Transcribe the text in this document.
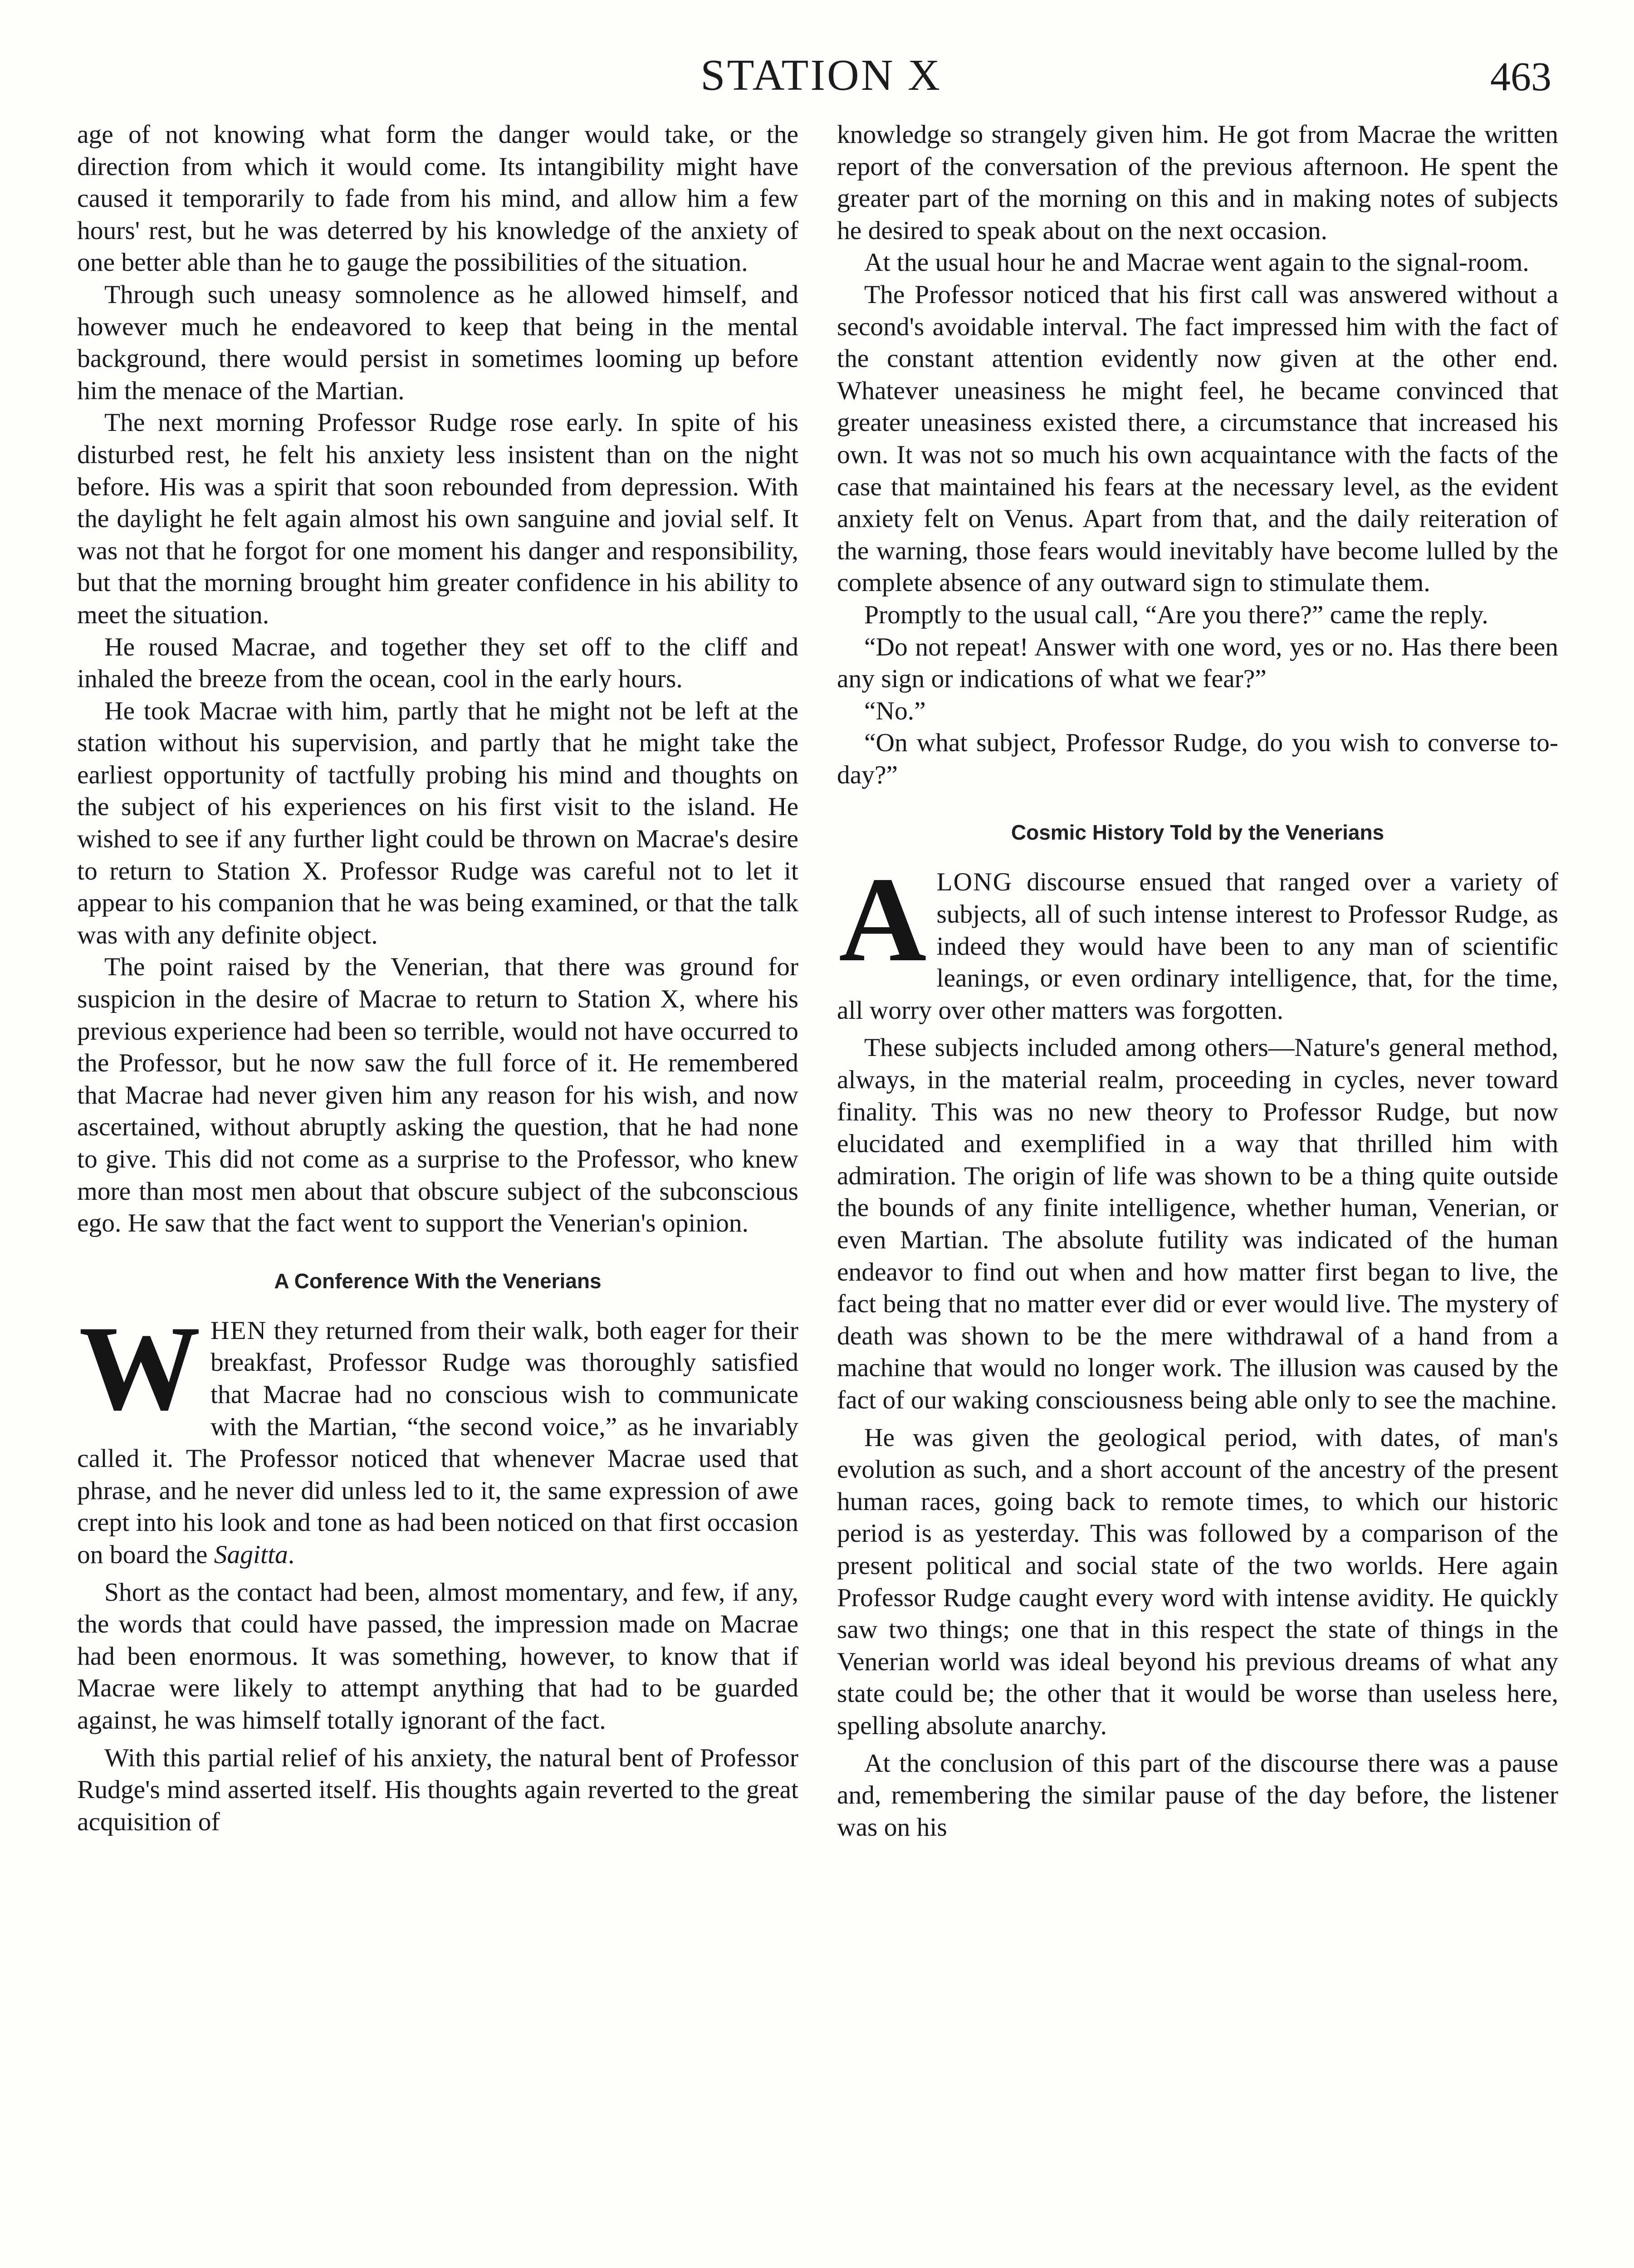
STATION X	463

age of not knowing what form the danger would take, or the direction from which it would come. Its intangibility might have caused it temporarily to fade from his mind, and allow him a few hours' rest, but he was deterred by his knowledge of the anxiety of one better able than he to gauge the possibilities of the situation.

Through such uneasy somnolence as he allowed himself, and however much he endeavored to keep that being in the mental background, there would persist in sometimes looming up before him the menace of the Martian.

The next morning Professor Rudge rose early. In spite of his disturbed rest, he felt his anxiety less insistent than on the night before. His was a spirit that soon rebounded from depression. With the daylight he felt again almost his own sanguine and jovial self. It was not that he forgot for one moment his danger and responsibility, but that the morning brought him greater confidence in his ability to meet the situation.

He roused Macrae, and together they set off to the cliff and inhaled the breeze from the ocean, cool in the early hours.

He took Macrae with him, partly that he might not be left at the station without his supervision, and partly that he might take the earliest opportunity of tactfully probing his mind and thoughts on the subject of his experiences on his first visit to the island. He wished to see if any further light could be thrown on Macrae's desire to return to Station X. Professor Rudge was careful not to let it appear to his companion that he was being examined, or that the talk was with any definite object.

The point raised by the Venerian, that there was ground for suspicion in the desire of Macrae to return to Station X, where his previous experience had been so terrible, would not have occurred to the Professor, but he now saw the full force of it. He remembered that Macrae had never given him any reason for his wish, and now ascertained, without abruptly asking the question, that he had none to give. This did not come as a surprise to the Professor, who knew more than most men about that obscure subject of the subconscious ego. He saw that the fact went to support the Venerian's opinion.

A Conference With the Venerians

WHEN they returned from their walk, both eager for their breakfast, Professor Rudge was thoroughly satisfied that Macrae had no conscious wish to communicate with the Martian, “the second voice,” as he invariably called it. The Professor noticed that whenever Macrae used that phrase, and he never did unless led to it, the same expression of awe crept into his look and tone as had been noticed on that first occasion on board the Sagitta.

Short as the contact had been, almost momentary, and few, if any, the words that could have passed, the impression made on Macrae had been enormous. It was something, however, to know that if Macrae were likely to attempt anything that had to be guarded against, he was himself totally ignorant of the fact.

With this partial relief of his anxiety, the natural bent of Professor Rudge's mind asserted itself. His thoughts again reverted to the great acquisition of

knowledge so strangely given him. He got from Macrae the written report of the conversation of the previous afternoon. He spent the greater part of the morning on this and in making notes of subjects he desired to speak about on the next occasion.

At the usual hour he and Macrae went again to the signal-room.

The Professor noticed that his first call was answered without a second's avoidable interval. The fact impressed him with the fact of the constant attention evidently now given at the other end. Whatever uneasiness he might feel, he became convinced that greater uneasiness existed there, a circumstance that increased his own. It was not so much his own acquaintance with the facts of the case that maintained his fears at the necessary level, as the evident anxiety felt on Venus. Apart from that, and the daily reiteration of the warning, those fears would inevitably have become lulled by the complete absence of any outward sign to stimulate them.

Promptly to the usual call, “Are you there?” came the reply.

“Do not repeat! Answer with one word, yes or no. Has there been any sign or indications of what we fear?”

“No.”

“On what subject, Professor Rudge, do you wish to converse to-day?”

Cosmic History Told by the Venerians

ALONG discourse ensued that ranged over a variety of subjects, all of such intense interest to Professor Rudge, as indeed they would have been to any man of scientific leanings, or even ordinary intelligence, that, for the time, all worry over other matters was forgotten.

These subjects included among others—Nature's general method, always, in the material realm, proceeding in cycles, never toward finality. This was no new theory to Professor Rudge, but now elucidated and exemplified in a way that thrilled him with admiration. The origin of life was shown to be a thing quite outside the bounds of any finite intelligence, whether human, Venerian, or even Martian. The absolute futility was indicated of the human endeavor to find out when and how matter first began to live, the fact being that no matter ever did or ever would live. The mystery of death was shown to be the mere withdrawal of a hand from a machine that would no longer work. The illusion was caused by the fact of our waking consciousness being able only to see the machine.

He was given the geological period, with dates, of man's evolution as such, and a short account of the ancestry of the present human races, going back to remote times, to which our historic period is as yesterday. This was followed by a comparison of the present political and social state of the two worlds. Here again Professor Rudge caught every word with intense avidity. He quickly saw two things; one that in this respect the state of things in the Venerian world was ideal beyond his previous dreams of what any state could be; the other that it would be worse than useless here, spelling absolute anarchy.

At the conclusion of this part of the discourse there was a pause and, remembering the similar pause of the day before, the listener was on his
